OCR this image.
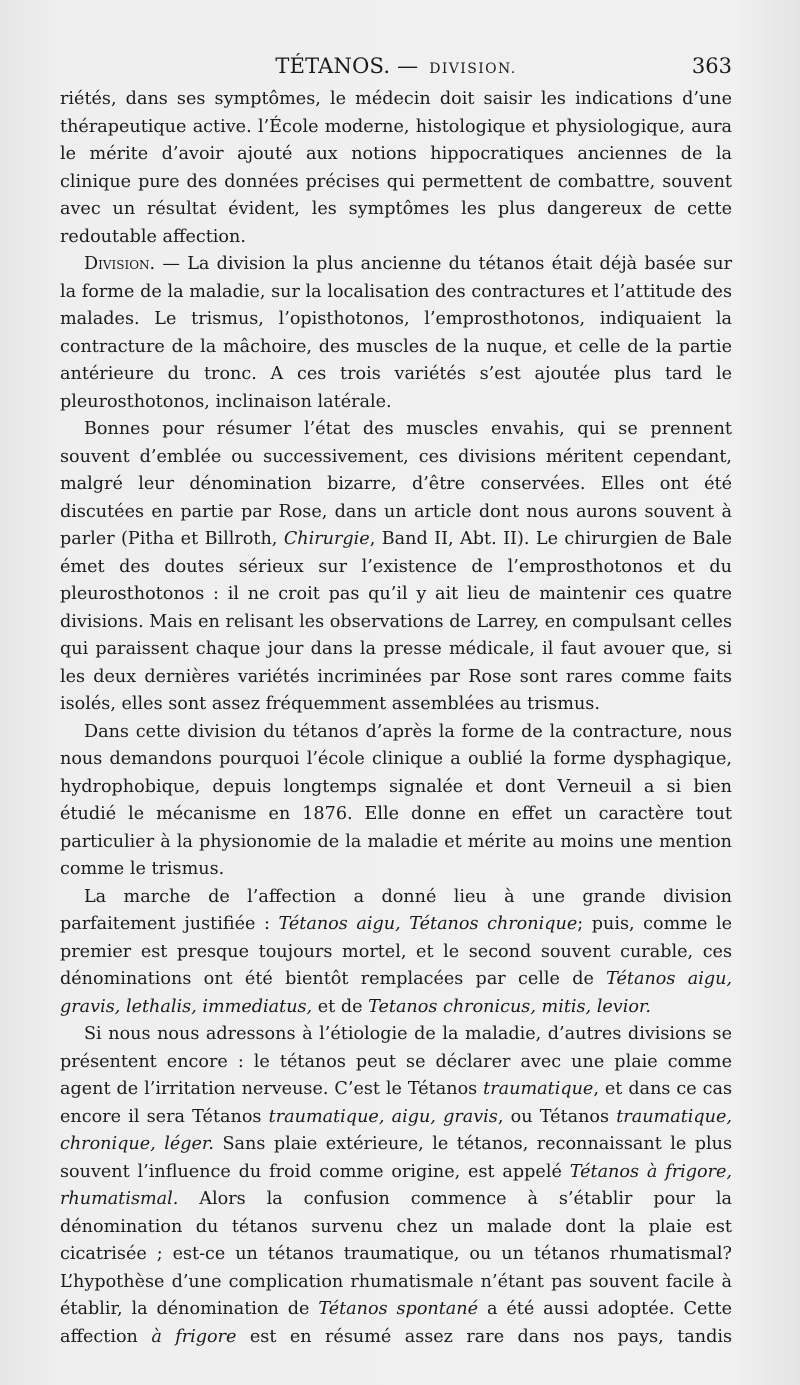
TÉTANOS. — DIVISION.	363

riétés, dans ses symptômes, le médecin doit saisir les indications d’une thérapeutique active. l’École moderne, histologique et physiologique, aura le mérite d’avoir ajouté aux notions hippocratiques anciennes de la clinique pure des données précises qui permettent de combattre, souvent avec un résultat évident, les symptômes les plus dangereux de cette redoutable affection.

Division. — La division la plus ancienne du tétanos était déjà basée sur la forme de la maladie, sur la localisation des contractures et l’attitude des malades. Le trismus, l’opisthotonos, l’emprosthotonos, indiquaient la contracture de la mâchoire, des muscles de la nuque, et celle de la partie antérieure du tronc. A ces trois variétés s’est ajoutée plus tard le pleurosthotonos, inclinaison latérale.

Bonnes pour résumer l’état des muscles envahis, qui se prennent souvent d’emblée ou successivement, ces divisions méritent cependant, malgré leur dénomination bizarre, d’être conservées. Elles ont été discutées en partie par Rose, dans un article dont nous aurons souvent à parler (Pitha et Billroth, Chirurgie, Band II, Abt. II). Le chirurgien de Bale émet des doutes sérieux sur l’existence de l’emprosthotonos et du pleurosthotonos : il ne croit pas qu’il y ait lieu de maintenir ces quatre divisions. Mais en relisant les observations de Larrey, en compulsant celles qui paraissent chaque jour dans la presse médicale, il faut avouer que, si les deux dernières variétés incriminées par Rose sont rares comme faits isolés, elles sont assez fréquemment assemblées au trismus.

Dans cette division du tétanos d’après la forme de la contracture, nous nous demandons pourquoi l’école clinique a oublié la forme dysphagique, hydrophobique, depuis longtemps signalée et dont Verneuil a si bien étudié le mécanisme en 1876. Elle donne en effet un caractère tout particulier à la physionomie de la maladie et mérite au moins une mention comme le trismus.

La marche de l’affection a donné lieu à une grande division parfaitement justifiée : Tétanos aigu, Tétanos chronique; puis, comme le premier est presque toujours mortel, et le second souvent curable, ces dénominations ont été bientôt remplacées par celle de Tétanos aigu, gravis, lethalis, immediatus, et de Tetanos chronicus, mitis, levior.

Si nous nous adressons à l’étiologie de la maladie, d’autres divisions se présentent encore : le tétanos peut se déclarer avec une plaie comme agent de l’irritation nerveuse. C’est le Tétanos traumatique, et dans ce cas encore il sera Tétanos traumatique, aigu, gravis, ou Tétanos traumatique, chronique, léger. Sans plaie extérieure, le tétanos, reconnaissant le plus souvent l’influence du froid comme origine, est appelé Tétanos à frigore, rhumatismal. Alors la confusion commence à s’établir pour la dénomination du tétanos survenu chez un malade dont la plaie est cicatrisée ; est-ce un tétanos traumatique, ou un tétanos rhumatismal? L’hypothèse d’une complication rhumatismale n’étant pas souvent facile à établir, la dénomination de Tétanos spontané a été aussi adoptée. Cette affection à frigore est en résumé assez rare dans nos pays, tandis
